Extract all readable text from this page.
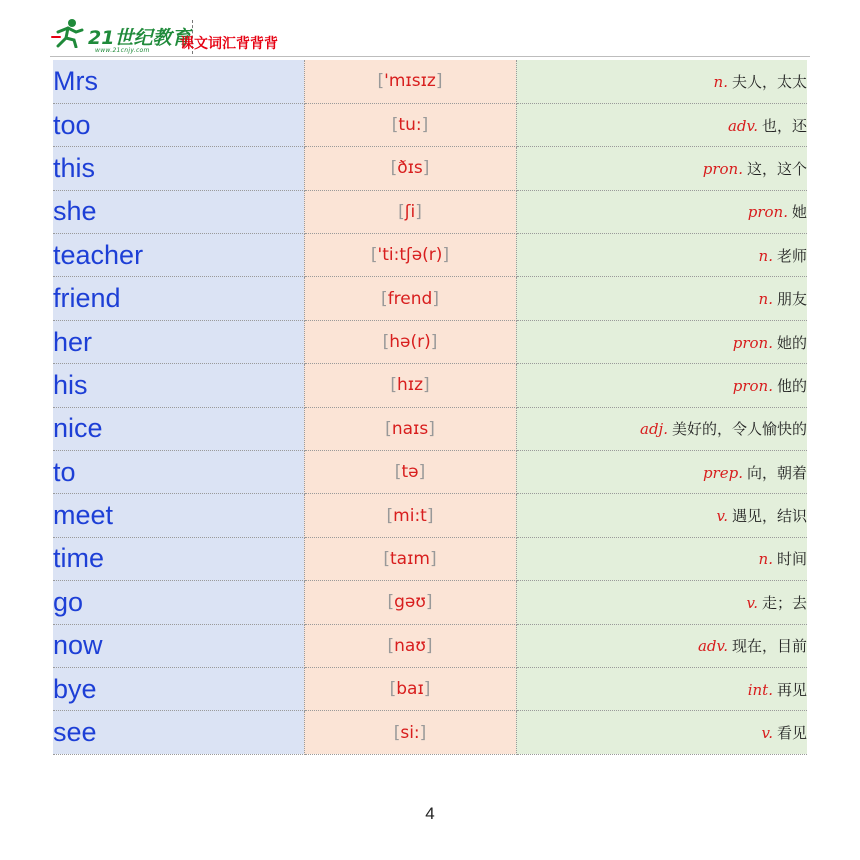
21世纪教育
www.21cnjy.com 课文词汇背背背
Mrs	['mɪsɪz]	n. 夫人，太太
too	[tu:]	adv. 也，还
this	[ðɪs]	pron. 这，这个
she	[ʃi]	pron. 她
teacher	['ti:tʃə(r)]	n. 老师
friend	[frend]	n. 朋友
her	[hə(r)]	pron. 她的
his	[hɪz]	pron. 他的
nice	[naɪs]	adj. 美好的，令人愉快的
to	[tə]	prep. 向，朝着
meet	[mi:t]	v. 遇见，结识
time	[taɪm]	n. 时间
go	[gəʊ]	v. 走；去
now	[naʊ]	adv. 现在，目前
bye	[baɪ]	int. 再见
see	[si:]	v. 看见
4
